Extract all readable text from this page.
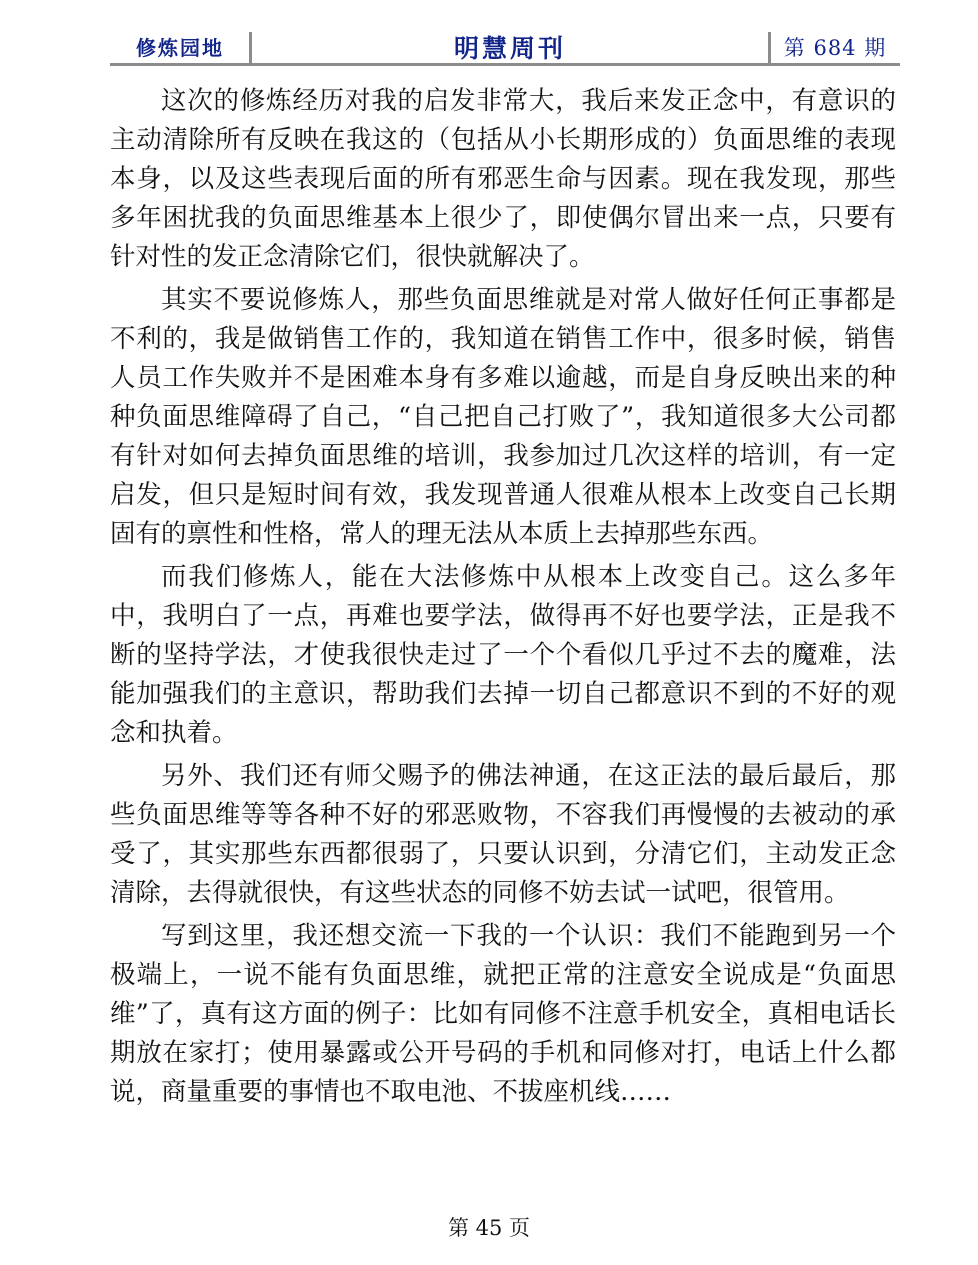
修炼园地	明慧周刊	第 684 期

这次的修炼经历对我的启发非常大，我后来发正念中，有意识的主动清除所有反映在我这的（包括从小长期形成的）负面思维的表现本身，以及这些表现后面的所有邪恶生命与因素。现在我发现，那些多年困扰我的负面思维基本上很少了，即使偶尔冒出来一点，只要有针对性的发正念清除它们，很快就解决了。

其实不要说修炼人，那些负面思维就是对常人做好任何正事都是不利的，我是做销售工作的，我知道在销售工作中，很多时候，销售人员工作失败并不是困难本身有多难以逾越，而是自身反映出来的种种负面思维障碍了自己，“自己把自己打败了”，我知道很多大公司都有针对如何去掉负面思维的培训，我参加过几次这样的培训，有一定启发，但只是短时间有效，我发现普通人很难从根本上改变自己长期固有的禀性和性格，常人的理无法从本质上去掉那些东西。

而我们修炼人，能在大法修炼中从根本上改变自己。这么多年中，我明白了一点，再难也要学法，做得再不好也要学法，正是我不断的坚持学法，才使我很快走过了一个个看似几乎过不去的魔难，法能加强我们的主意识，帮助我们去掉一切自己都意识不到的不好的观念和执着。

另外、我们还有师父赐予的佛法神通，在这正法的最后最后，那些负面思维等等各种不好的邪恶败物，不容我们再慢慢的去被动的承受了，其实那些东西都很弱了，只要认识到，分清它们，主动发正念清除，去得就很快，有这些状态的同修不妨去试一试吧，很管用。

写到这里，我还想交流一下我的一个认识：我们不能跑到另一个极端上，一说不能有负面思维，就把正常的注意安全说成是“负面思维”了，真有这方面的例子：比如有同修不注意手机安全，真相电话长期放在家打；使用暴露或公开号码的手机和同修对打，电话上什么都说，商量重要的事情也不取电池、不拔座机线……

第 45 页
